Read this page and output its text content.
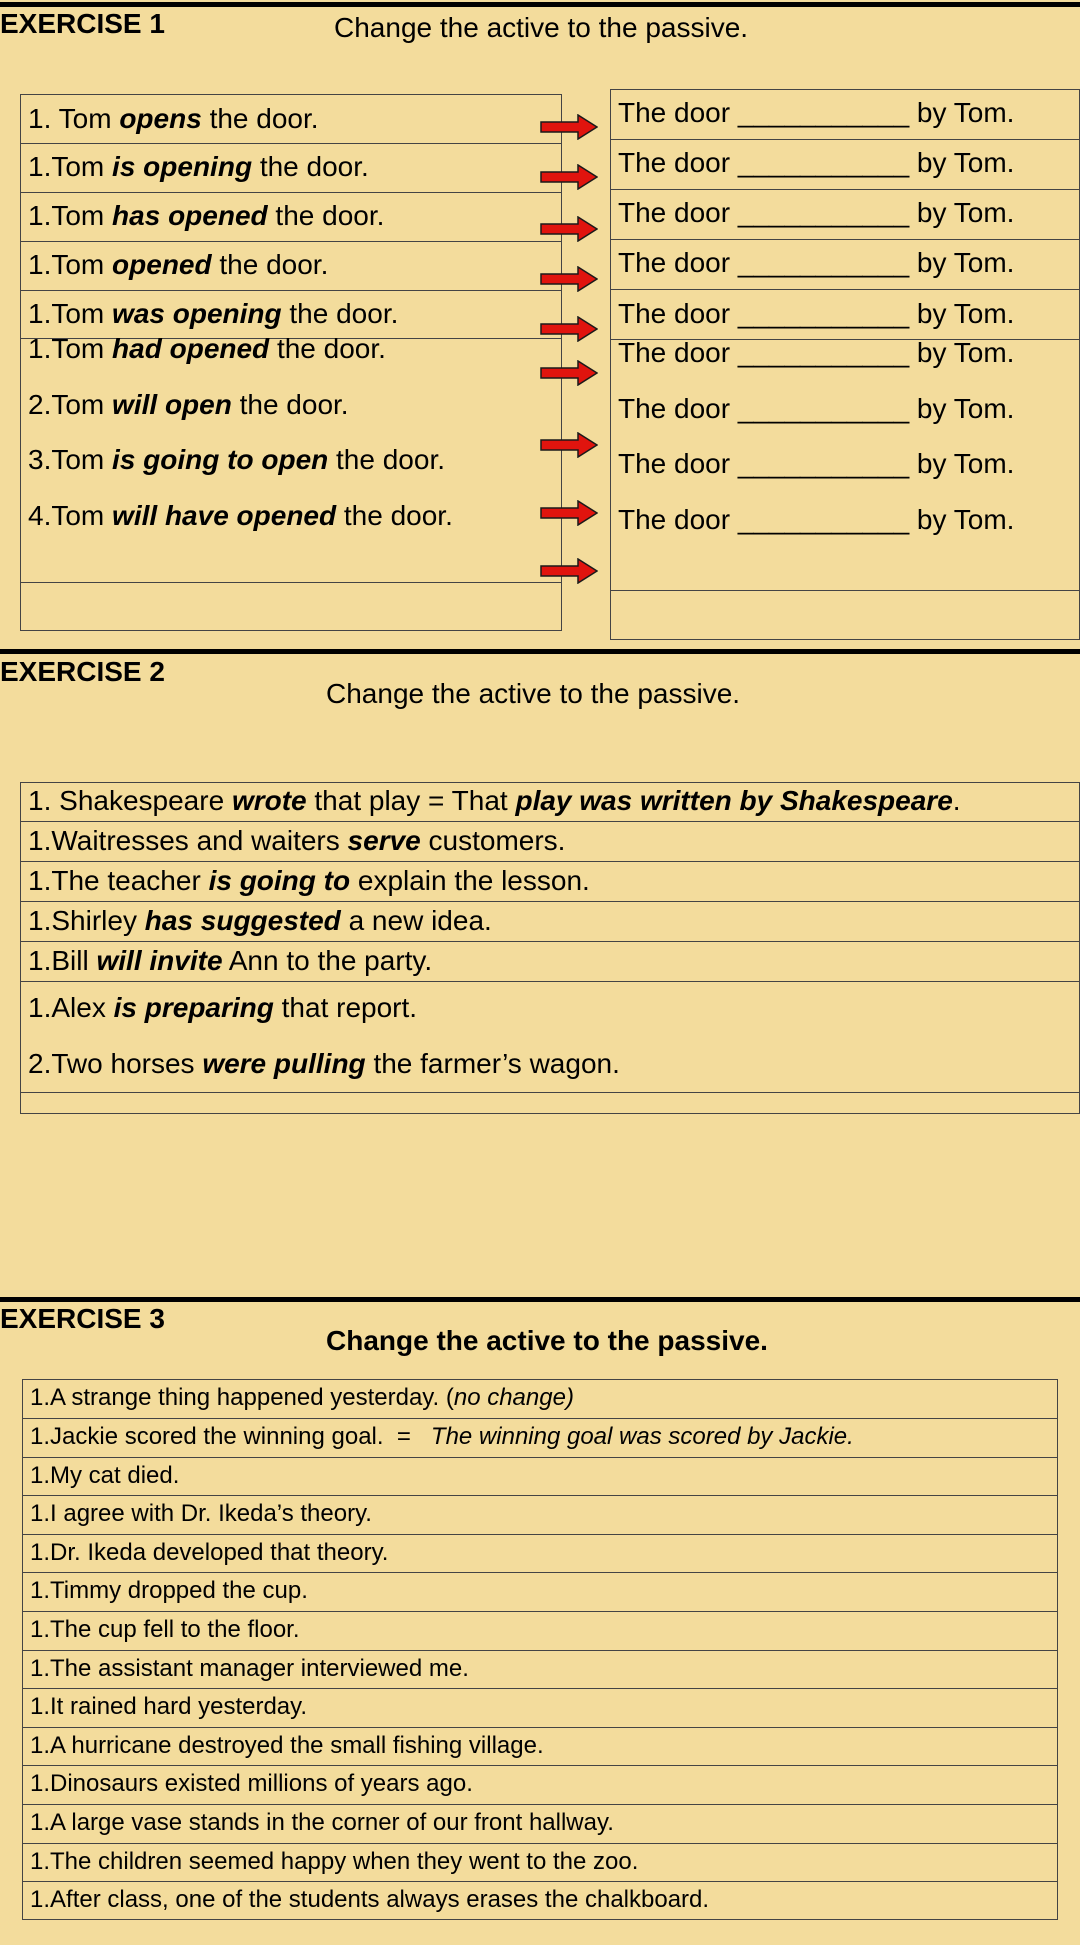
EXERCISE 1	Change the active to the passive.
1. Tom opens the door.
1.Tom is opening the door.
1.Tom has opened the door.
1.Tom opened the door.
1.Tom was opening the door.
1.Tom had opened the door.
2.Tom will open the door.
3.Tom is going to open the door.
4.Tom will have opened the door.
The door ___________ by Tom.
The door ___________ by Tom.
The door ___________ by Tom.
The door ___________ by Tom.
The door ___________ by Tom.
The door ___________ by Tom.
The door ___________ by Tom.
The door ___________ by Tom.
The door ___________ by Tom.
EXERCISE 2
Change the active to the passive.
1. Shakespeare wrote that play = That play was written by Shakespeare.
1.Waitresses and waiters serve customers.
1.The teacher is going to explain the lesson.
1.Shirley has suggested a new idea.
1.Bill will invite Ann to the party.
1.Alex is preparing that report.
2.Two horses were pulling the farmer’s wagon.
EXERCISE 3
Change the active to the passive.
1.A strange thing happened yesterday. (no change)
1.Jackie scored the winning goal.  =   The winning goal was scored by Jackie.
1.My cat died.
1.I agree with Dr. Ikeda’s theory.
1.Dr. Ikeda developed that theory.
1.Timmy dropped the cup.
1.The cup fell to the floor.
1.The assistant manager interviewed me.
1.It rained hard yesterday.
1.A hurricane destroyed the small fishing village.
1.Dinosaurs existed millions of years ago.
1.A large vase stands in the corner of our front hallway.
1.The children seemed happy when they went to the zoo.
1.After class, one of the students always erases the chalkboard.
